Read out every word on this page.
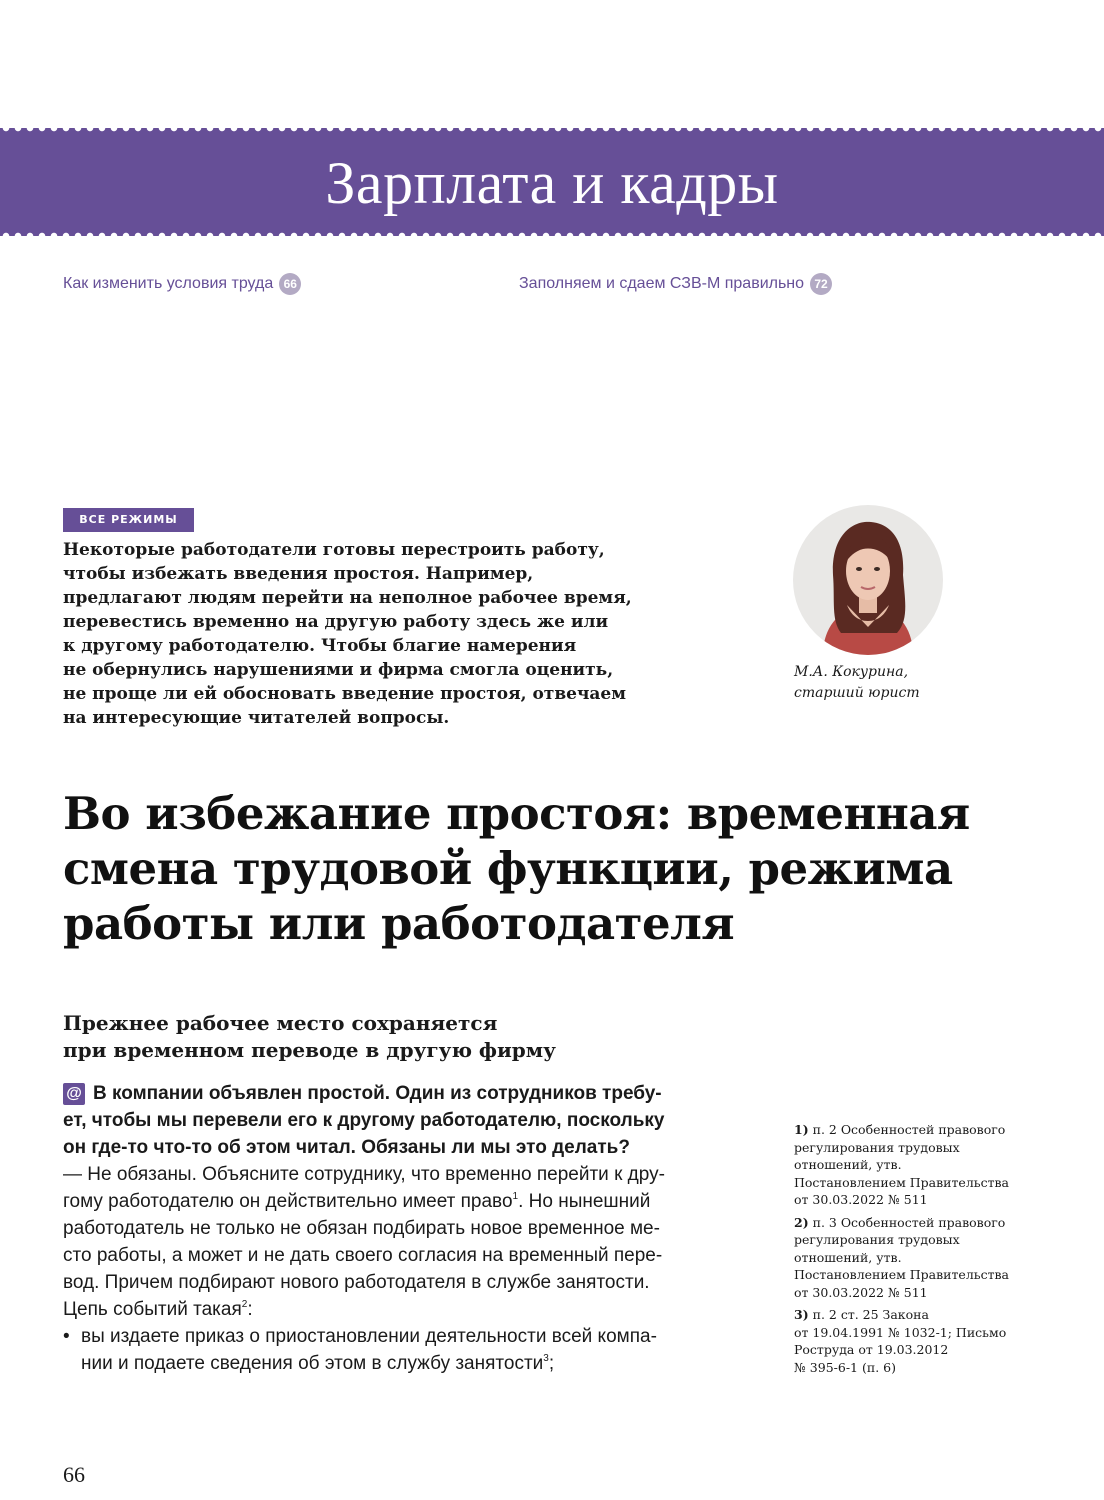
Зарплата и кадры
Как изменить условия труда 66	Заполняем и сдаем СЗВ-М правильно 72
ВСЕ РЕЖИМЫ
Некоторые работодатели готовы перестроить работу,
чтобы избежать введения простоя. Например,
предлагают людям перейти на неполное рабочее время,
перевестись временно на другую работу здесь же или
к другому работодателю. Чтобы благие намерения
не обернулись нарушениями и фирма смогла оценить,
не проще ли ей обосновать введение простоя, отвечаем
на интересующие читателей вопросы.
М.А. Кокурина,
старший юрист
Во избежание простоя: временная
смена трудовой функции, режима
работы или работодателя
Прежнее рабочее место сохраняется
при временном переводе в другую фирму
@ В компании объявлен простой. Один из сотрудников требу-
ет, чтобы мы перевели его к другому работодателю, поскольку
он где-то что-то об этом читал. Обязаны ли мы это делать?

— Не обязаны. Объясните сотруднику, что временно перейти к дру-

гому работодателю он действительно имеет право$^1$. Но нынешний

работодатель не только не обязан подбирать новое временное ме-

сто работы, а может и не дать своего согласия на временный пере-

вод. Причем подбирают нового работодателя в службе занятости.

Цепь событий такая$^2$:

• вы издаете приказ о приостановлении деятельности всей компа-
нии и подаете сведения об этом в службу занятости$^3$;
1) п. 2 Особенностей правового
регулирования трудовых
отношений, утв.
Постановлением Правительства
от 30.03.2022 № 511
2) п. 3 Особенностей правового
регулирования трудовых
отношений, утв.
Постановлением Правительства
от 30.03.2022 № 511
3) п. 2 ст. 25 Закона
от 19.04.1991 № 1032-1; Письмо
Роструда от 19.03.2012
№ 395-6-1 (п. 6)
66
